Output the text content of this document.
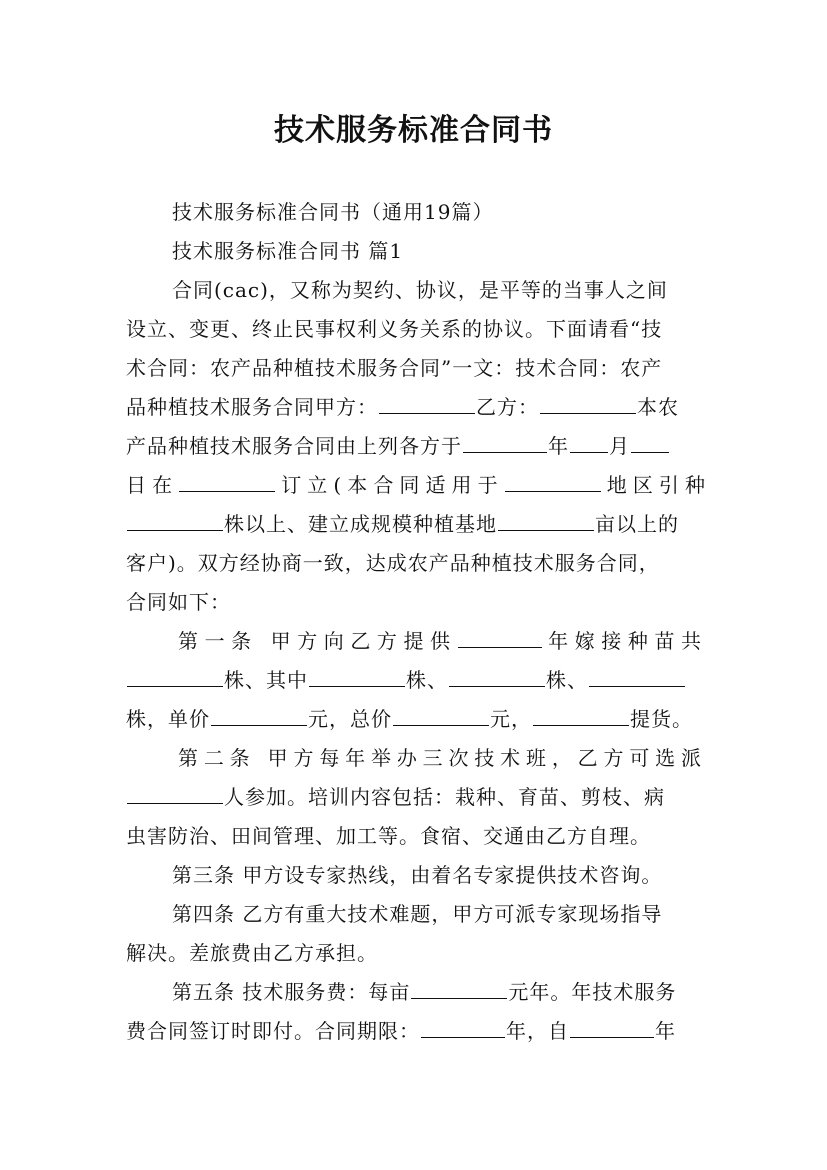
技术服务标准合同书
技术服务标准合同书（通用19篇）
技术服务标准合同书 篇1
合同(cac)，又称为契约、协议，是平等的当事人之间
设立、变更、终止民事权利义务关系的协议。下面请看“技
术合同：农产品种植技术服务合同”一文：技术合同：农产
品种植技术服务合同甲方：	乙方：	本农
产品种植技术服务合同由上列各方于	年 月
日在	订立(本合同适用于	地区引种
株以上、建立成规模种植基地	亩以上的
客户)。双方经协商一致，达成农产品种植技术服务合同，
合同如下：
第一条 甲方向乙方提供	年嫁接种苗共
株、其中	株、	株、
株，单价	元，总价	元，	提货。
第二条 甲方每年举办三次技术班，乙方可选派
人参加。培训内容包括：栽种、育苗、剪枝、病
虫害防治、田间管理、加工等。食宿、交通由乙方自理。
第三条 甲方设专家热线，由着名专家提供技术咨询。
第四条 乙方有重大技术难题，甲方可派专家现场指导
解决。差旅费由乙方承担。
第五条 技术服务费：每亩	元年。年技术服务
费合同签订时即付。合同期限：	年，自	年
